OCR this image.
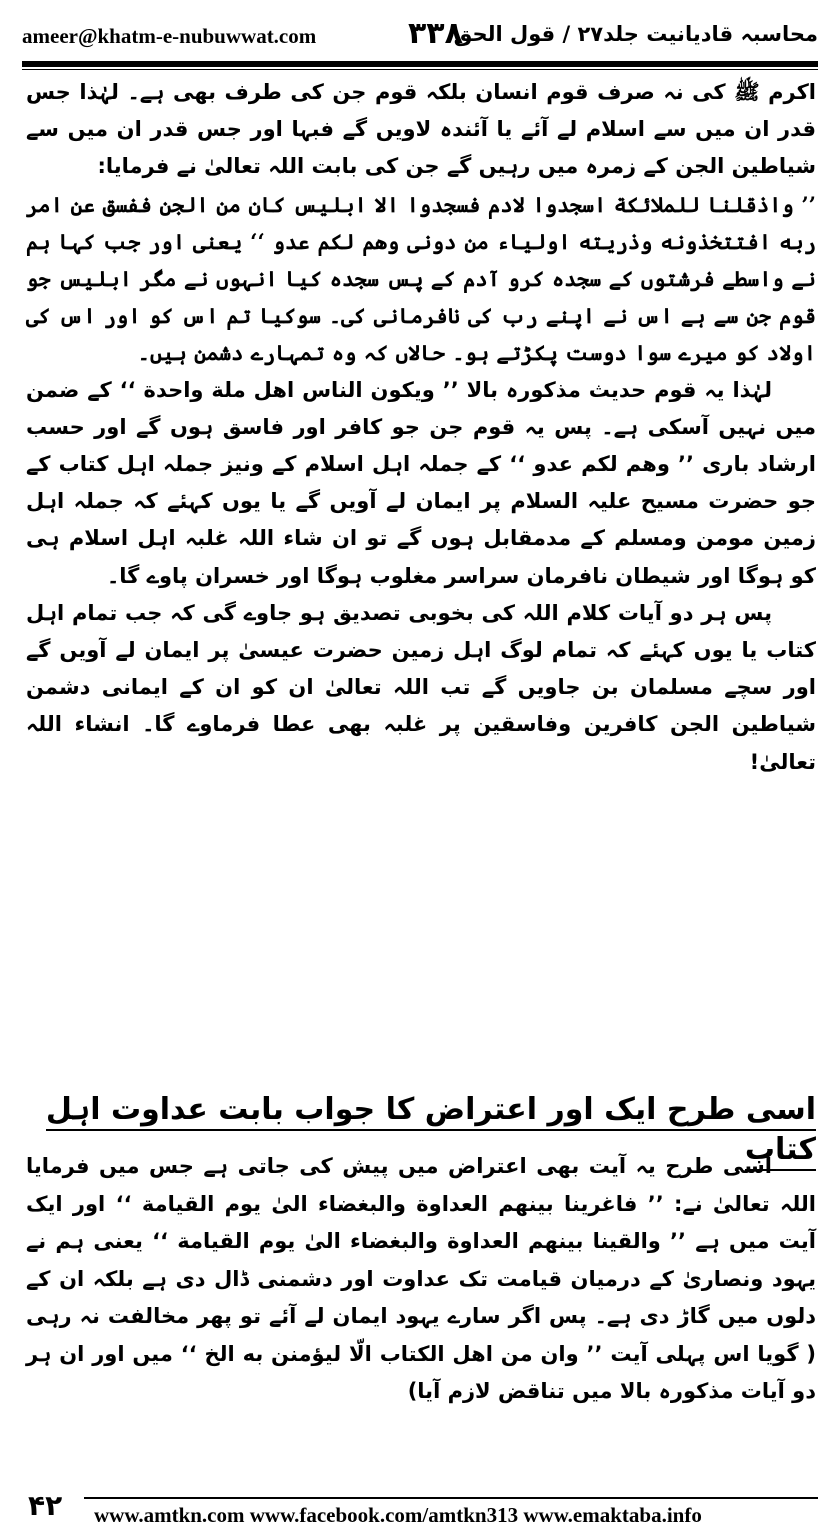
ameer@khatm-e-nubuwwat.com	۳۳۸
محاسبہ قادیانیت جلد۲۷ / قول الحق

اکرم ﷺ کی نہ صرف قوم انسان بلکہ قوم جن کی طرف بھی ہے۔ لہٰذا جس قدر ان میں سے اسلام لے آئے یا آئندہ لاویں گے فبہا اور جس قدر ان میں سے شیاطین الجن کے زمرہ میں رہیں گے جن کی بابت اللہ تعالیٰ نے فرمایا:

’’ واذقلنا للملائکة اسجدوا لادم فسجدوا الا ابلیس کان من الجن ففسق عن امر ربه افتتخذونه وذریته اولیاء من دونی وهم لکم عدو ‘‘ یعنی اور جب کہا ہم نے واسطے فرشتوں کے سجدہ کرو آدم کے پس سجدہ کیا انہوں نے مگر ابلیس جو قوم جن سے ہے اس نے اپنے رب کی نافرمانی کی۔ سوکیا تم اس کو اور اس کی اولاد کو میرے سوا دوست پکڑتے ہو۔ حالاں کہ وہ تمہارے دشمن ہیں۔

لہٰذا یہ قوم حدیث مذکورہ بالا ’’ ویکون الناس اهل ملة واحدة ‘‘ کے ضمن میں نہیں آسکی ہے۔ پس یہ قوم جن جو کافر اور فاسق ہوں گے اور حسب ارشاد باری ’’ وهم لکم عدو ‘‘ کے جملہ اہل اسلام کے ونیز جملہ اہل کتاب کے جو حضرت مسیح علیہ السلام پر ایمان لے آویں گے یا یوں کہئے کہ جملہ اہل زمین مومن ومسلم کے مدمقابل ہوں گے تو ان شاء اللہ غلبہ اہل اسلام ہی کو ہوگا اور شیطان نافرمان سراسر مغلوب ہوگا اور خسران پاوے گا۔

پس ہر دو آیات کلام اللہ کی بخوبی تصدیق ہو جاوے گی کہ جب تمام اہل کتاب یا یوں کہئے کہ تمام لوگ اہل زمین حضرت عیسیٰ پر ایمان لے آویں گے اور سچے مسلمان بن جاویں گے تب اللہ تعالیٰ ان کو ان کے ایمانی دشمن شیاطین الجن کافرین وفاسقین پر غلبہ بھی عطا فرماوے گا۔ انشاء اللہ تعالیٰ!

اسی طرح ایک اور اعتراض کا جواب بابت عداوت اہل کتاب

اسی طرح یہ آیت بھی اعتراض میں پیش کی جاتی ہے جس میں فرمایا اللہ تعالیٰ نے: ’’ فاغرینا بینهم العداوة والبغضاء الیٰ یوم القیامة ‘‘ اور ایک آیت میں ہے ’’ والقینا بینهم العداوة والبغضاء الیٰ یوم القیامة ‘‘ یعنی ہم نے یہود ونصاریٰ کے درمیان قیامت تک عداوت اور دشمنی ڈال دی ہے بلکہ ان کے دلوں میں گاڑ دی ہے۔ پس اگر سارے یہود ایمان لے آئے تو پھر مخالفت نہ رہی ( گویا اس پہلی آیت ’’ وان من اهل الکتاب الّا لیؤمنن به الخ ‘‘ میں اور ان ہر دو آیات مذکورہ بالا میں تناقض لازم آیا)

۴۲ www.amtkn.com www.facebook.com/amtkn313 www.emaktaba.info
